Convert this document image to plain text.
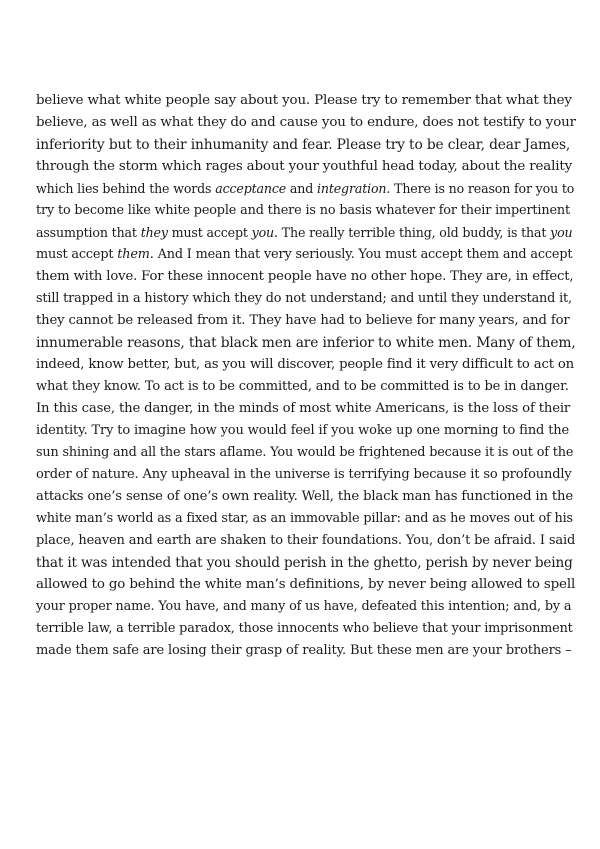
believe what white people say about you. Please try to remember that what they
believe, as well as what they do and cause you to endure, does not testify to your
inferiority but to their inhumanity and fear. Please try to be clear, dear James,
through the storm which rages about your youthful head today, about the reality
which lies behind the words acceptance and integration. There is no reason for you to
try to become like white people and there is no basis whatever for their impertinent
assumption that they must accept you. The really terrible thing, old buddy, is that you
must accept them. And I mean that very seriously. You must accept them and accept
them with love. For these innocent people have no other hope. They are, in effect,
still trapped in a history which they do not understand; and until they understand it,
they cannot be released from it. They have had to believe for many years, and for
innumerable reasons, that black men are inferior to white men. Many of them,
indeed, know better, but, as you will discover, people find it very difficult to act on
what they know. To act is to be committed, and to be committed is to be in danger.
In this case, the danger, in the minds of most white Americans, is the loss of their
identity. Try to imagine how you would feel if you woke up one morning to find the
sun shining and all the stars aflame. You would be frightened because it is out of the
order of nature. Any upheaval in the universe is terrifying because it so profoundly
attacks one’s sense of one’s own reality. Well, the black man has functioned in the
white man’s world as a fixed star, as an immovable pillar: and as he moves out of his
place, heaven and earth are shaken to their foundations. You, don’t be afraid. I said
that it was intended that you should perish in the ghetto, perish by never being
allowed to go behind the white man’s definitions, by never being allowed to spell
your proper name. You have, and many of us have, defeated this intention; and, by a
terrible law, a terrible paradox, those innocents who believe that your imprisonment
made them safe are losing their grasp of reality. But these men are your brothers –
